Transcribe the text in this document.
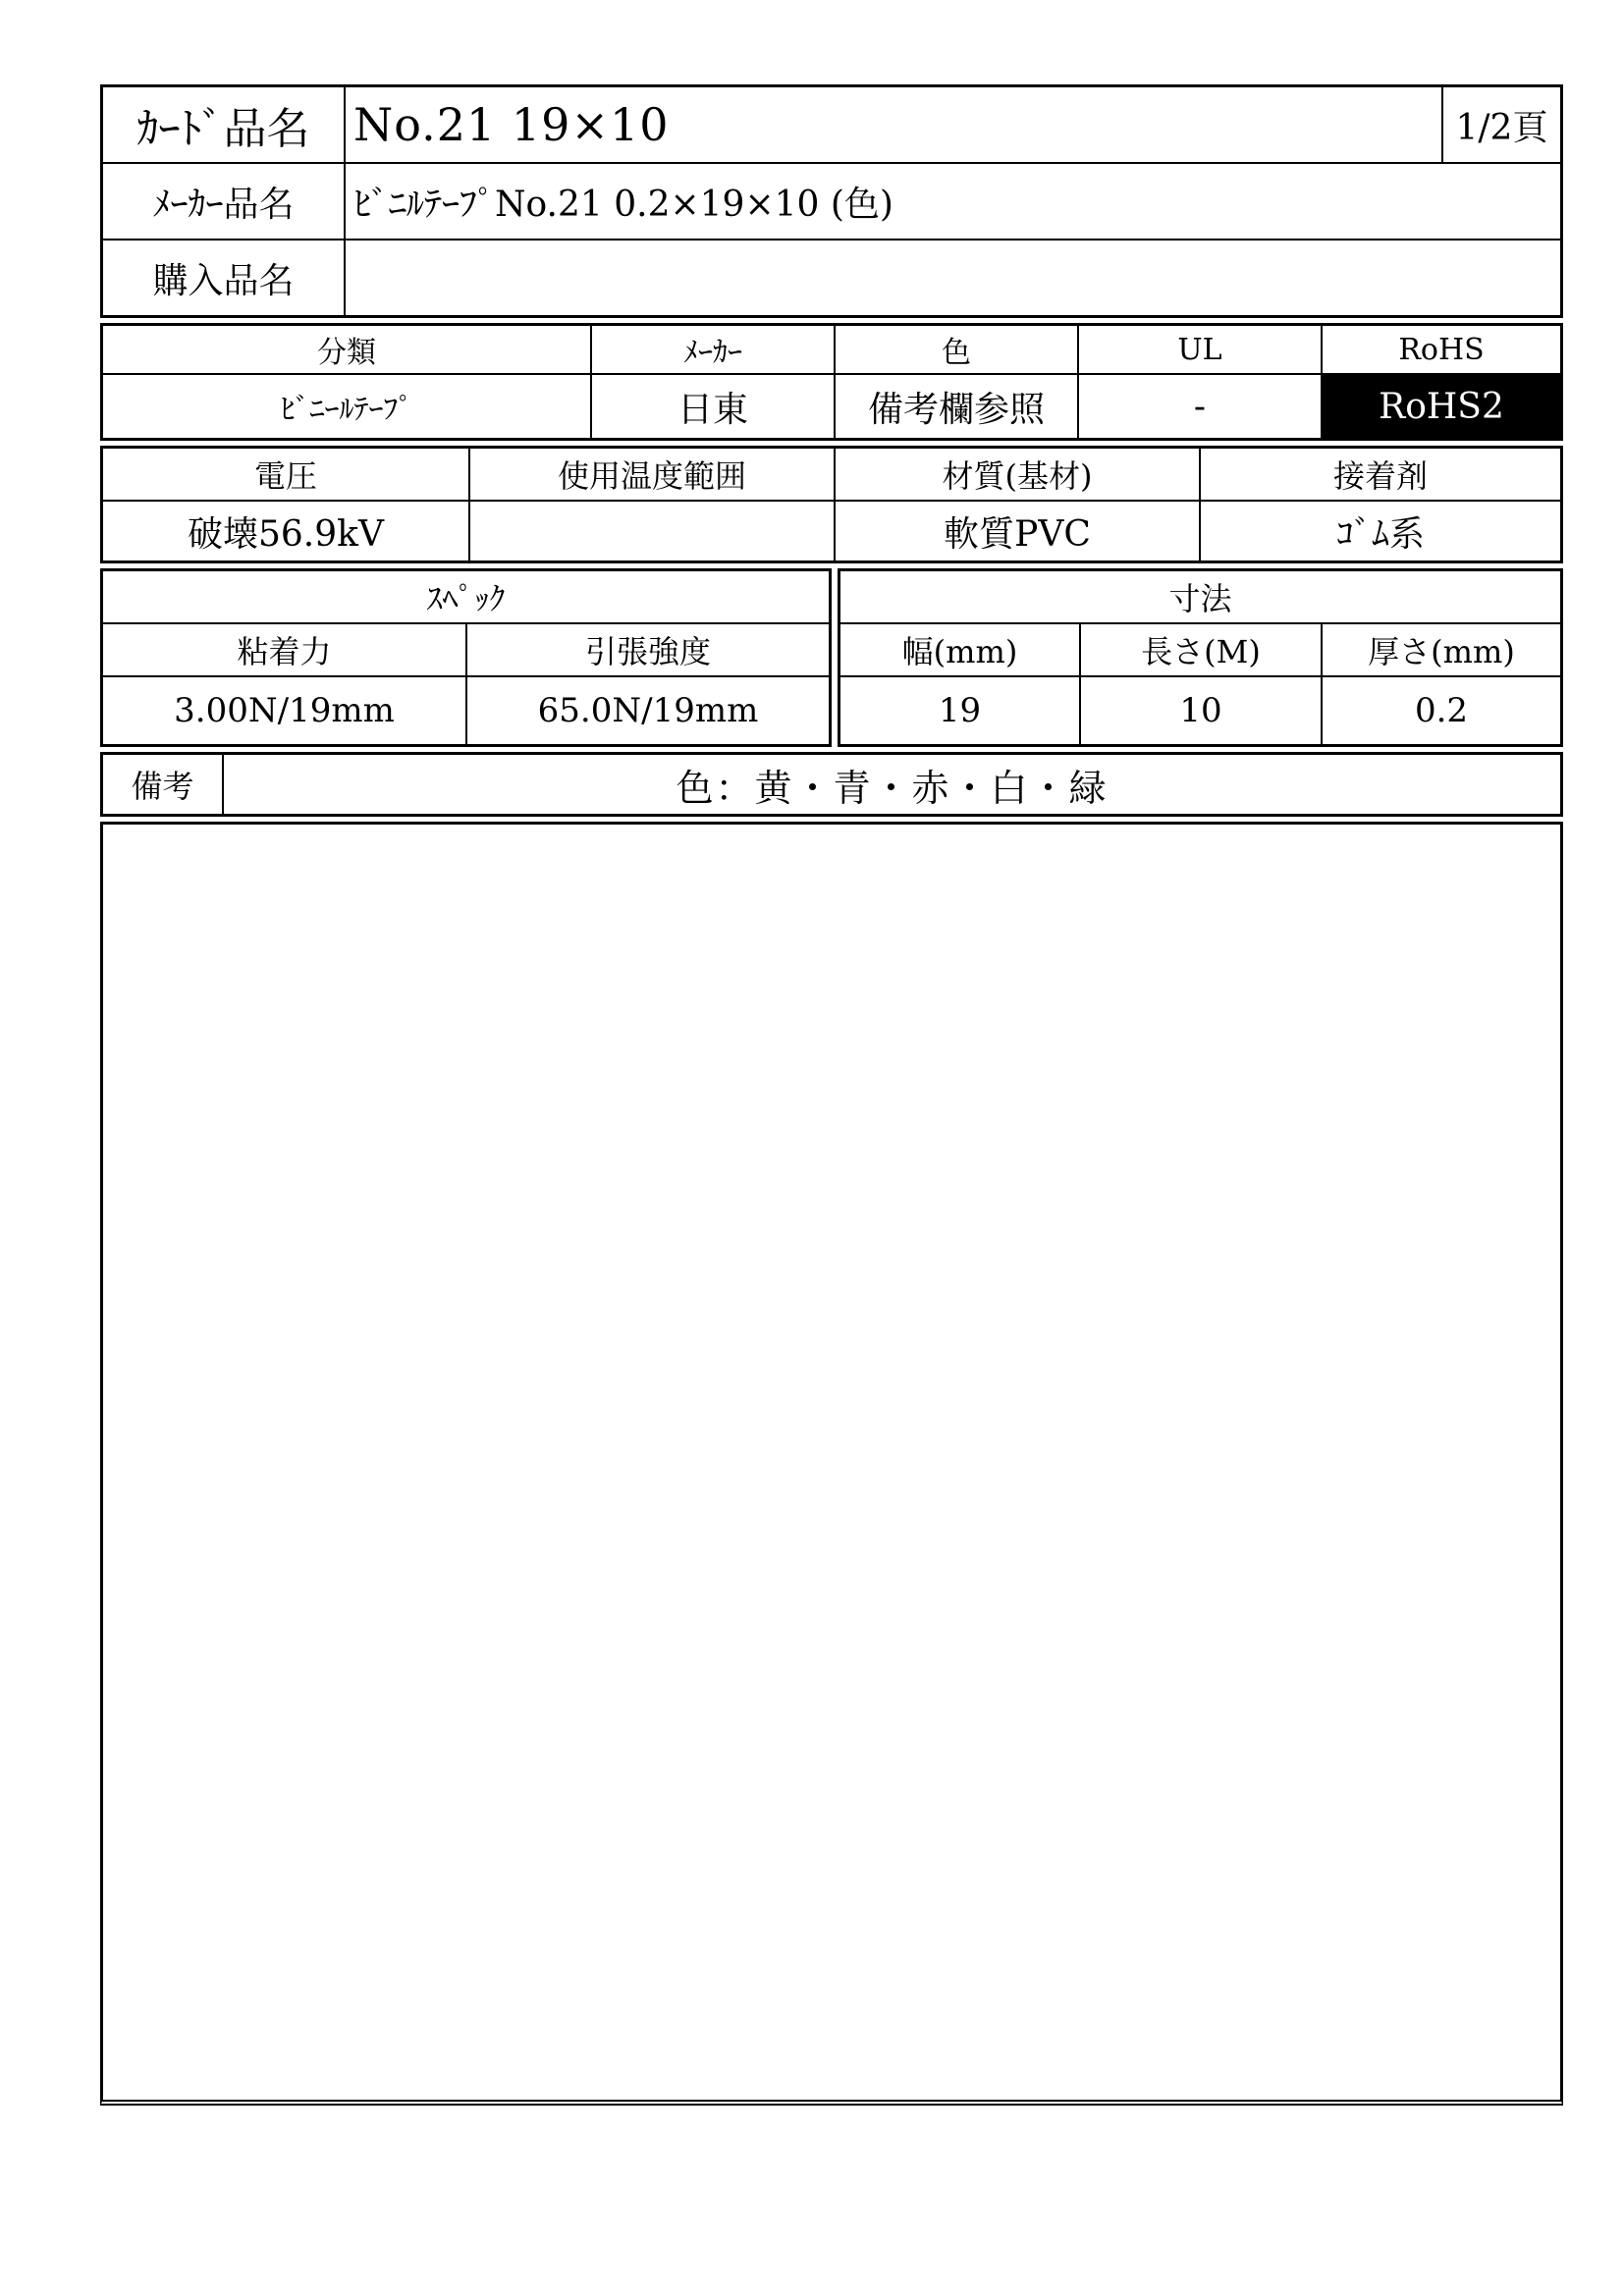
ｶｰﾄﾞ品名	No.21 19×10	1/2頁
ﾒｰｶｰ品名	ﾋﾞﾆﾙﾃｰﾌﾟNo.21 0.2×19×10 (色)	
購入品名		
分類	ﾒｰｶｰ	色	UL	RoHS
ﾋﾞﾆｰﾙﾃｰﾌﾟ	日東	備考欄参照	-	RoHS2
電圧	使用温度範囲	材質(基材)	接着剤
破壊56.9kV		軟質PVC	ｺﾞﾑ系
ｽﾍﾟｯｸ	
粘着力	引張強度
3.00N/19mm	65.0N/19mm
寸法		
幅(mm)	長さ(M)	厚さ(mm)
19	10	0.2
備考	色：黄・青・赤・白・緑
